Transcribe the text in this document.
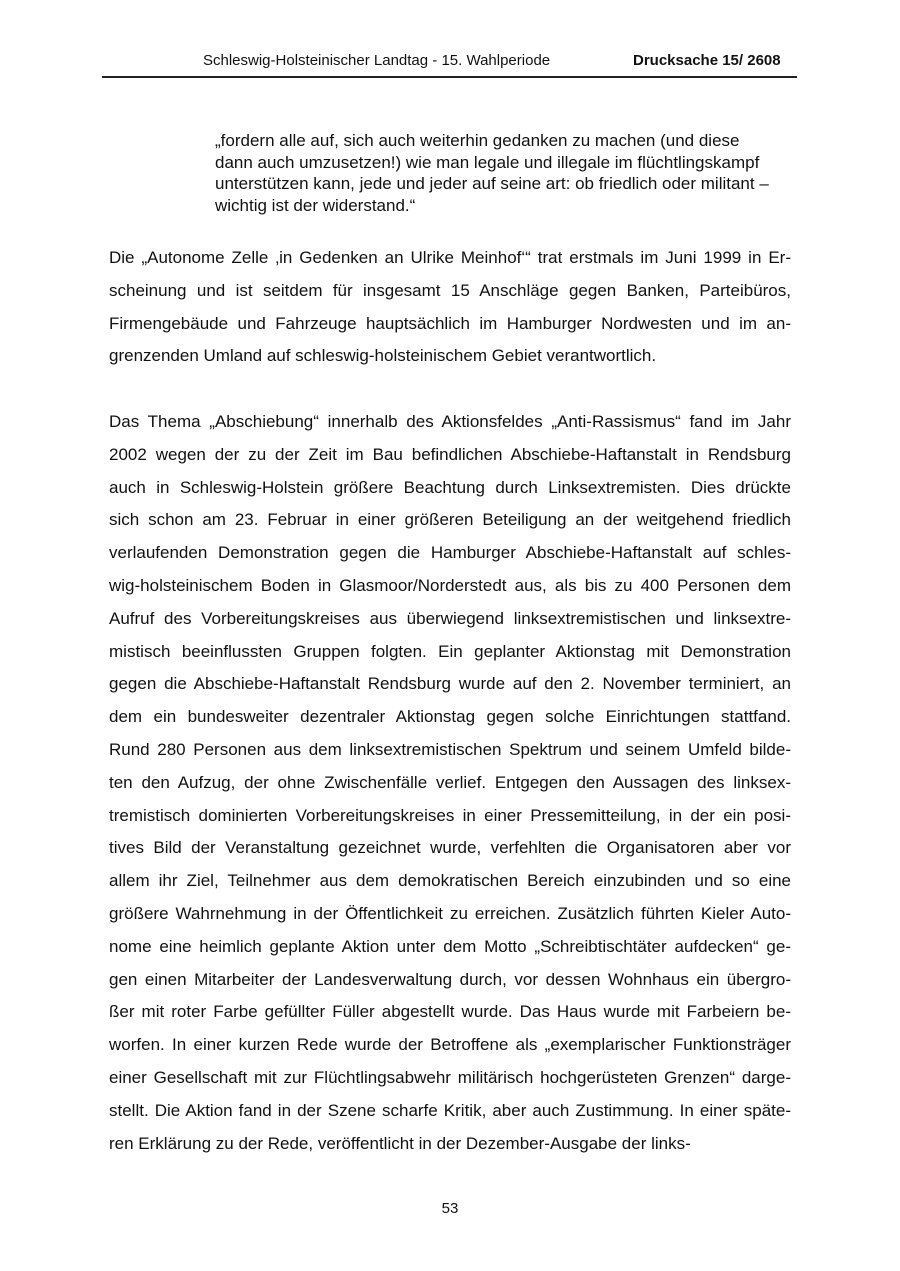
Schleswig-Holsteinischer Landtag - 15. Wahlperiode	Drucksache 15/ 2608
„fordern alle auf, sich auch weiterhin gedanken zu machen (und diese
dann auch umzusetzen!) wie man legale und illegale im flüchtlingskampf
unterstützen kann, jede und jeder auf seine art: ob friedlich oder militant –
wichtig ist der widerstand.“
Die „Autonome Zelle ‚in Gedenken an Ulrike Meinhof‘“ trat erstmals im Juni 1999 in Er-
scheinung und ist seitdem für insgesamt 15 Anschläge gegen Banken, Parteibüros,
Firmengebäude und Fahrzeuge hauptsächlich im Hamburger Nordwesten und im an-
grenzenden Umland auf schleswig-holsteinischem Gebiet verantwortlich.
Das Thema „Abschiebung“ innerhalb des Aktionsfeldes „Anti-Rassismus“ fand im Jahr
2002 wegen der zu der Zeit im Bau befindlichen Abschiebe-Haftanstalt in Rendsburg
auch in Schleswig-Holstein größere Beachtung durch Linksextremisten. Dies drückte
sich schon am 23. Februar in einer größeren Beteiligung an der weitgehend friedlich
verlaufenden Demonstration gegen die Hamburger Abschiebe-Haftanstalt auf schles-
wig-holsteinischem Boden in Glasmoor/Norderstedt aus, als bis zu 400 Personen dem
Aufruf des Vorbereitungskreises aus überwiegend linksextremistischen und linksextre-
mistisch beeinflussten Gruppen folgten. Ein geplanter Aktionstag mit Demonstration
gegen die Abschiebe-Haftanstalt Rendsburg wurde auf den 2. November terminiert, an
dem ein bundesweiter dezentraler Aktionstag gegen solche Einrichtungen stattfand.
Rund 280 Personen aus dem linksextremistischen Spektrum und seinem Umfeld bilde-
ten den Aufzug, der ohne Zwischenfälle verlief. Entgegen den Aussagen des linksex-
tremistisch dominierten Vorbereitungskreises in einer Pressemitteilung, in der ein posi-
tives Bild der Veranstaltung gezeichnet wurde, verfehlten die Organisatoren aber vor
allem ihr Ziel, Teilnehmer aus dem demokratischen Bereich einzubinden und so eine
größere Wahrnehmung in der Öffentlichkeit zu erreichen. Zusätzlich führten Kieler Auto-
nome eine heimlich geplante Aktion unter dem Motto „Schreibtischtäter aufdecken“ ge-
gen einen Mitarbeiter der Landesverwaltung durch, vor dessen Wohnhaus ein übergro-
ßer mit roter Farbe gefüllter Füller abgestellt wurde. Das Haus wurde mit Farbeiern be-
worfen. In einer kurzen Rede wurde der Betroffene als „exemplarischer Funktionsträger
einer Gesellschaft mit zur Flüchtlingsabwehr militärisch hochgerüsteten Grenzen“ darge-
stellt. Die Aktion fand in der Szene scharfe Kritik, aber auch Zustimmung. In einer späte-
ren Erklärung zu der Rede, veröffentlicht in der Dezember-Ausgabe der links-
53
